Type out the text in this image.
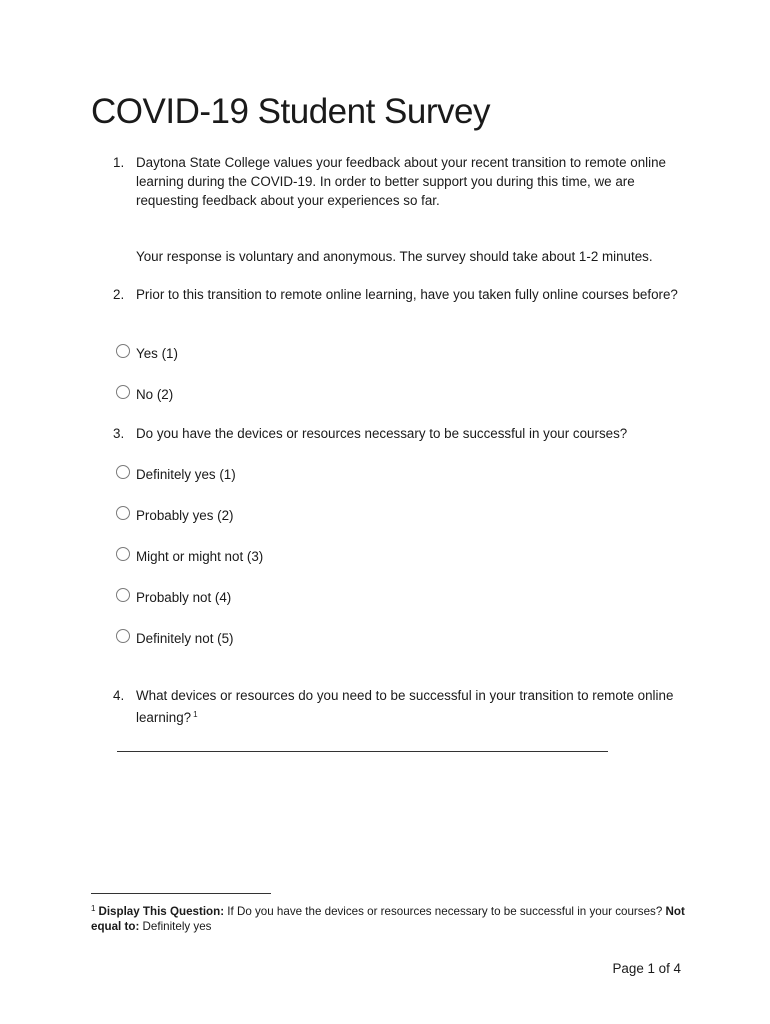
COVID-19 Student Survey
1. Daytona State College values your feedback about your recent transition to remote online learning during the COVID-19. In order to better support you during this time, we are requesting feedback about your experiences so far.
Your response is voluntary and anonymous. The survey should take about 1-2 minutes.
2. Prior to this transition to remote online learning, have you taken fully online courses before?
Yes (1)
No (2)
3. Do you have the devices or resources necessary to be successful in your courses?
Definitely yes (1)
Probably yes (2)
Might or might not (3)
Probably not (4)
Definitely not (5)
4. What devices or resources do you need to be successful in your transition to remote online learning? $^1$
$^1$ Display This Question: If Do you have the devices or resources necessary to be successful in your courses? Not equal to: Definitely yes
Page 1 of 4
